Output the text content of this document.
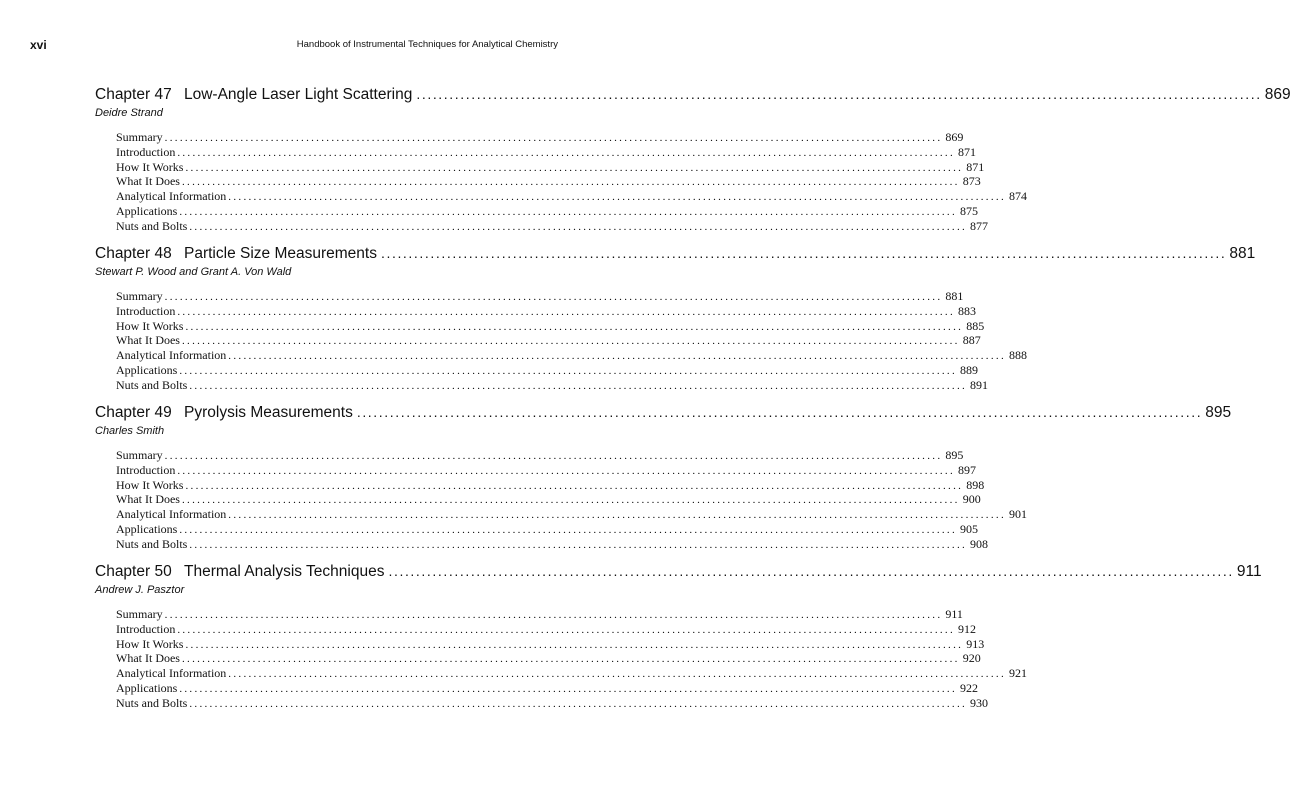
xvi	Handbook of Instrumental Techniques for Analytical Chemistry
Chapter 47 Low-Angle Laser Light Scattering .......................................................................................................................................................... 869
Deidre Strand
Summary .......................................................................................................................................................... 869
Introduction .......................................................................................................................................................... 871
How It Works .......................................................................................................................................................... 871
What It Does .......................................................................................................................................................... 873
Analytical Information .......................................................................................................................................................... 874
Applications .......................................................................................................................................................... 875
Nuts and Bolts .......................................................................................................................................................... 877
Chapter 48 Particle Size Measurements .......................................................................................................................................................... 881
Stewart P. Wood and Grant A. Von Wald
Summary .......................................................................................................................................................... 881
Introduction .......................................................................................................................................................... 883
How It Works .......................................................................................................................................................... 885
What It Does .......................................................................................................................................................... 887
Analytical Information .......................................................................................................................................................... 888
Applications .......................................................................................................................................................... 889
Nuts and Bolts .......................................................................................................................................................... 891
Chapter 49 Pyrolysis Measurements .......................................................................................................................................................... 895
Charles Smith
Summary .......................................................................................................................................................... 895
Introduction .......................................................................................................................................................... 897
How It Works .......................................................................................................................................................... 898
What It Does .......................................................................................................................................................... 900
Analytical Information .......................................................................................................................................................... 901
Applications .......................................................................................................................................................... 905
Nuts and Bolts .......................................................................................................................................................... 908
Chapter 50 Thermal Analysis Techniques .......................................................................................................................................................... 911
Andrew J. Pasztor
Summary .......................................................................................................................................................... 911
Introduction .......................................................................................................................................................... 912
How It Works .......................................................................................................................................................... 913
What It Does .......................................................................................................................................................... 920
Analytical Information .......................................................................................................................................................... 921
Applications .......................................................................................................................................................... 922
Nuts and Bolts .......................................................................................................................................................... 930
